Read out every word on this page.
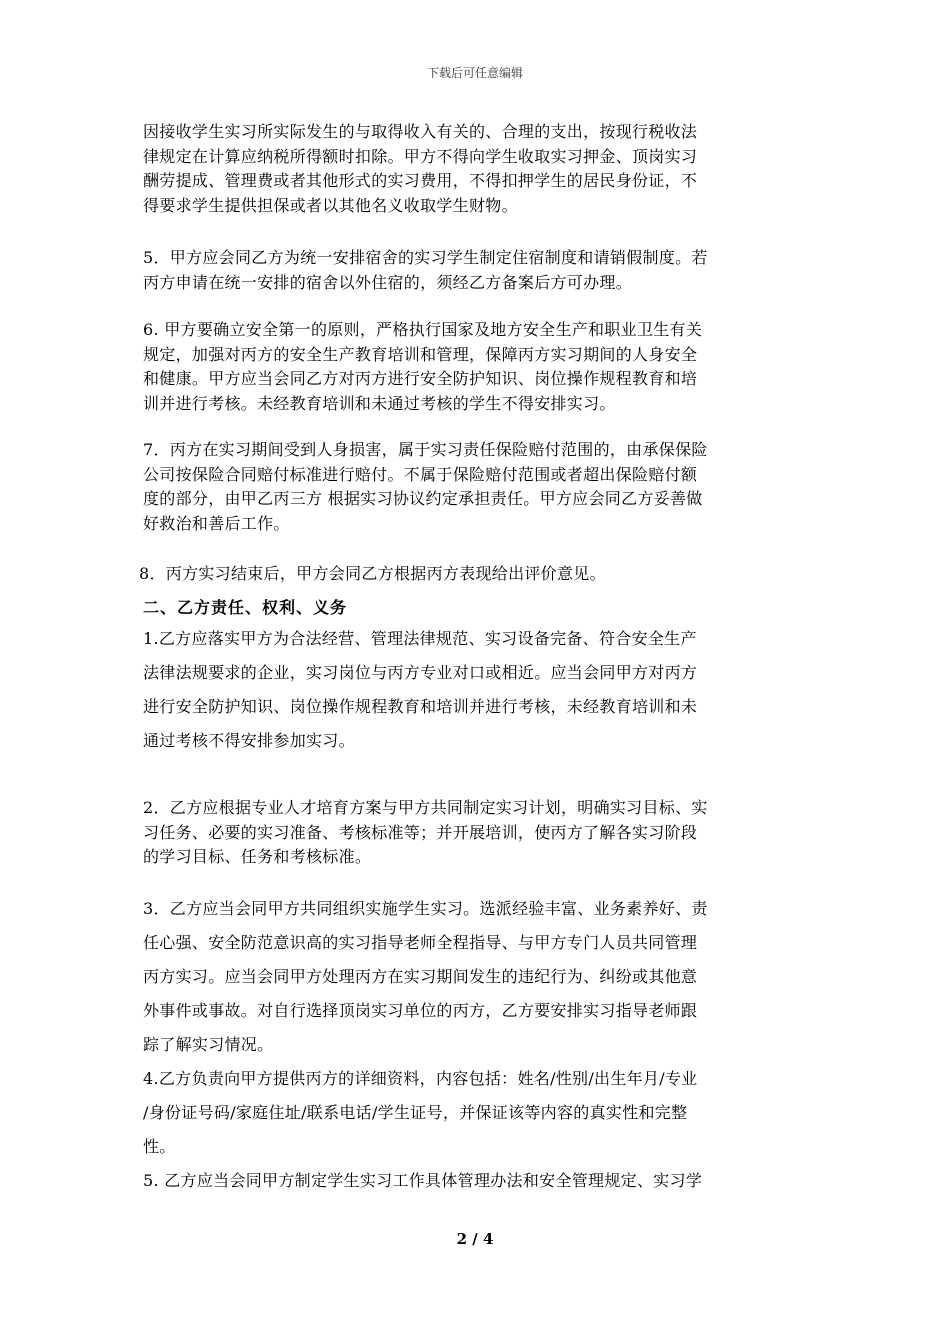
下载后可任意编辑
因接收学生实习所实际发生的与取得收入有关的、合理的支出，按现行税收法
律规定在计算应纳税所得额时扣除。甲方不得向学生收取实习押金、顶岗实习
酬劳提成、管理费或者其他形式的实习费用，不得扣押学生的居民身份证，不
得要求学生提供担保或者以其他名义收取学生财物。
5．甲方应会同乙方为统一安排宿舍的实习学生制定住宿制度和请销假制度。若
丙方申请在统一安排的宿舍以外住宿的，须经乙方备案后方可办理。
6. 甲方要确立安全第一的原则，严格执行国家及地方安全生产和职业卫生有关
规定，加强对丙方的安全生产教育培训和管理，保障丙方实习期间的人身安全
和健康。甲方应当会同乙方对丙方进行安全防护知识、岗位操作规程教育和培
训并进行考核。未经教育培训和未通过考核的学生不得安排实习。
7．丙方在实习期间受到人身损害，属于实习责任保险赔付范围的，由承保保险
公司按保险合同赔付标准进行赔付。不属于保险赔付范围或者超出保险赔付额
度的部分，由甲乙丙三方 根据实习协议约定承担责任。甲方应会同乙方妥善做
好救治和善后工作。
8．丙方实习结束后，甲方会同乙方根据丙方表现给出评价意见。
二、乙方责任、权利、义务
1.乙方应落实甲方为合法经营、管理法律规范、实习设备完备、符合安全生产
法律法规要求的企业，实习岗位与丙方专业对口或相近。应当会同甲方对丙方
进行安全防护知识、岗位操作规程教育和培训并进行考核，未经教育培训和未
通过考核不得安排参加实习。
2．乙方应根据专业人才培育方案与甲方共同制定实习计划，明确实习目标、实
习任务、必要的实习准备、考核标准等；并开展培训，使丙方了解各实习阶段
的学习目标、任务和考核标准。
3．乙方应当会同甲方共同组织实施学生实习。选派经验丰富、业务素养好、责
任心强、安全防范意识高的实习指导老师全程指导、与甲方专门人员共同管理
丙方实习。应当会同甲方处理丙方在实习期间发生的违纪行为、纠纷或其他意
外事件或事故。对自行选择顶岗实习单位的丙方，乙方要安排实习指导老师跟
踪了解实习情况。
4.乙方负责向甲方提供丙方的详细资料，内容包括：姓名/性别/出生年月/专业
/身份证号码/家庭住址/联系电话/学生证号，并保证该等内容的真实性和完整
性。
5. 乙方应当会同甲方制定学生实习工作具体管理办法和安全管理规定、实习学
2 / 4
